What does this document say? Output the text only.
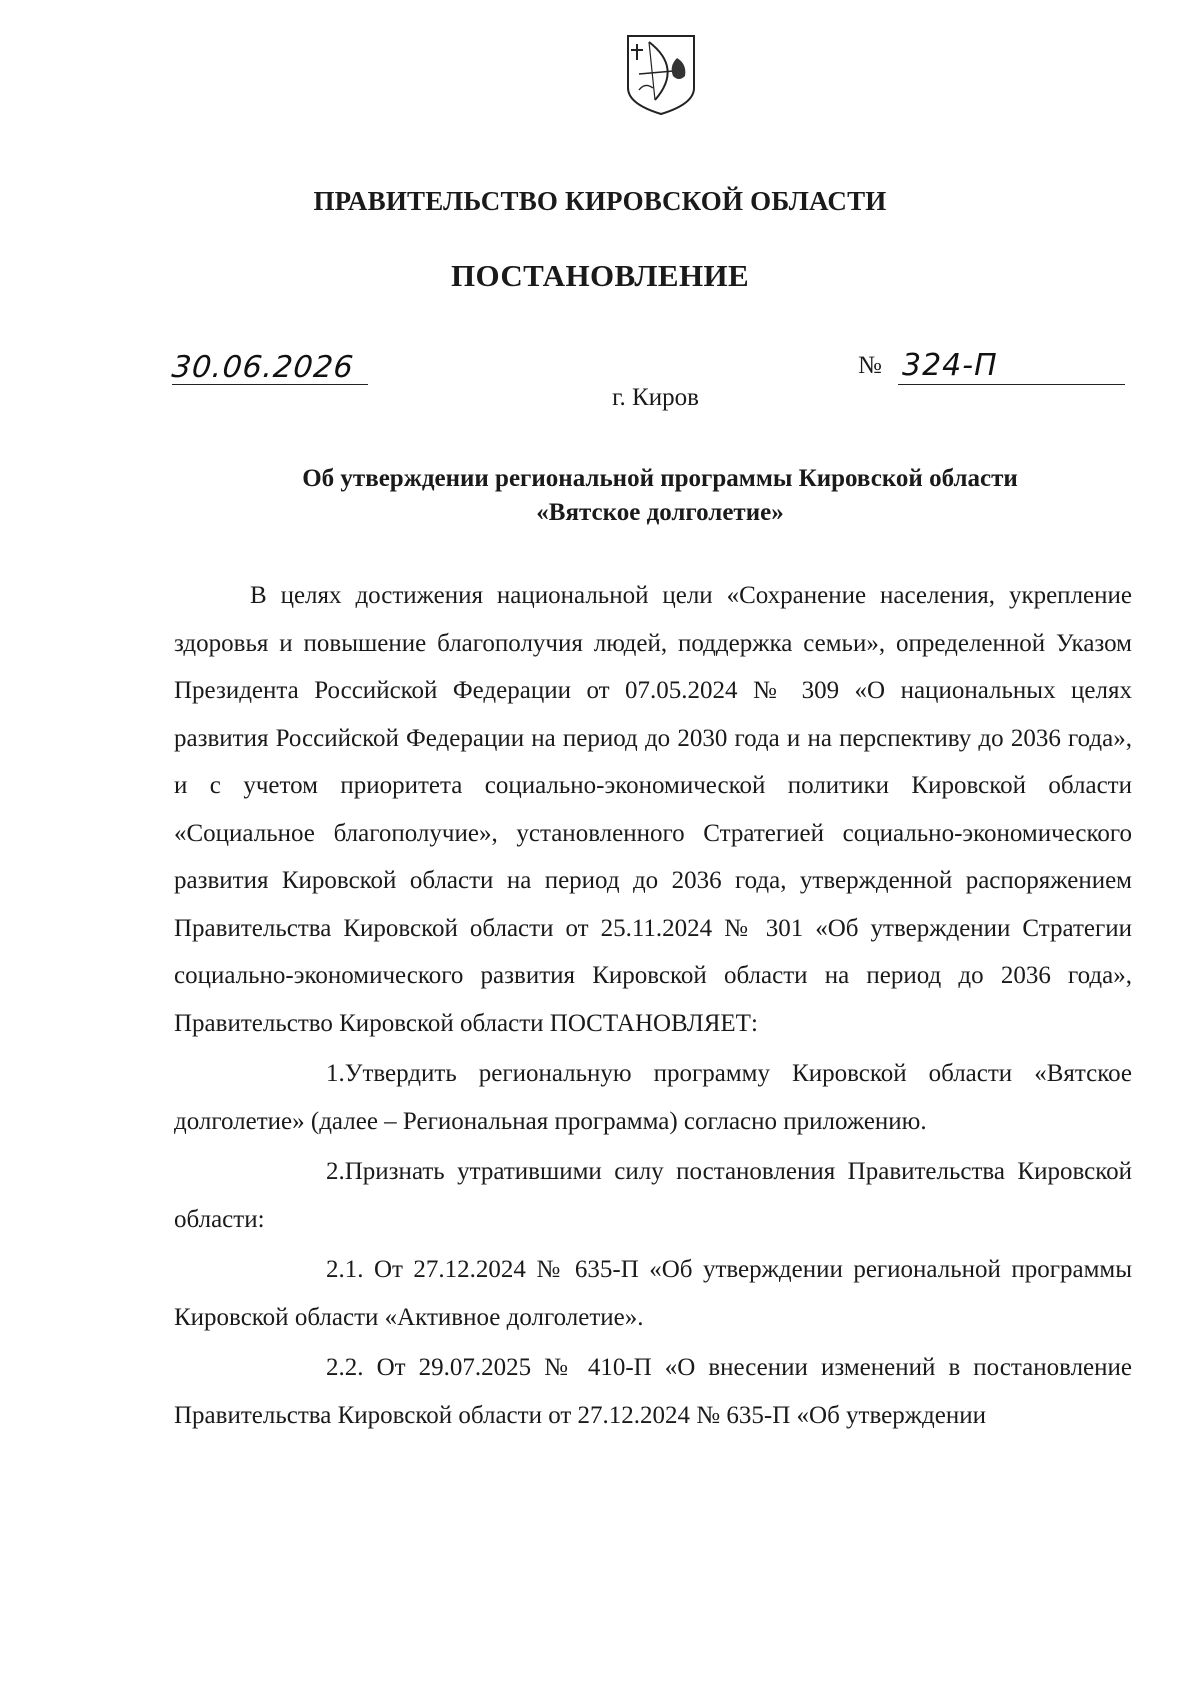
ПРАВИТЕЛЬСТВО КИРОВСКОЙ ОБЛАСТИ
ПОСТАНОВЛЕНИЕ
30.06.2026	№ 324-П
г. Киров
Об утверждении региональной программы Кировской области
«Вятское долголетие»

В целях достижения национальной цели «Сохранение населения, укрепление здоровья и повышение благополучия людей, поддержка семьи», определенной Указом Президента Российской Федерации от 07.05.2024 № 309 «О национальных целях развития Российской Федерации на период до 2030 года и на перспективу до 2036 года», и с учетом приоритета социально-экономической политики Кировской области «Социальное благополучие», установленного Стратегией социально-экономического развития Кировской области на период до 2036 года, утвержденной распоряжением Правительства Кировской области от 25.11.2024 № 301 «Об утверждении Стратегии социально-экономического развития Кировской области на период до 2036 года», Правительство Кировской области ПОСТАНОВЛЯЕТ:

1.Утвердить региональную программу Кировской области «Вятское долголетие» (далее – Региональная программа) согласно приложению.

2.Признать утратившими силу постановления Правительства Кировской области:

2.1. От 27.12.2024 № 635-П «Об утверждении региональной программы Кировской области «Активное долголетие».

2.2. От 29.07.2025 № 410-П «О внесении изменений в постановление Правительства Кировской области от 27.12.2024 № 635-П «Об утверждении
